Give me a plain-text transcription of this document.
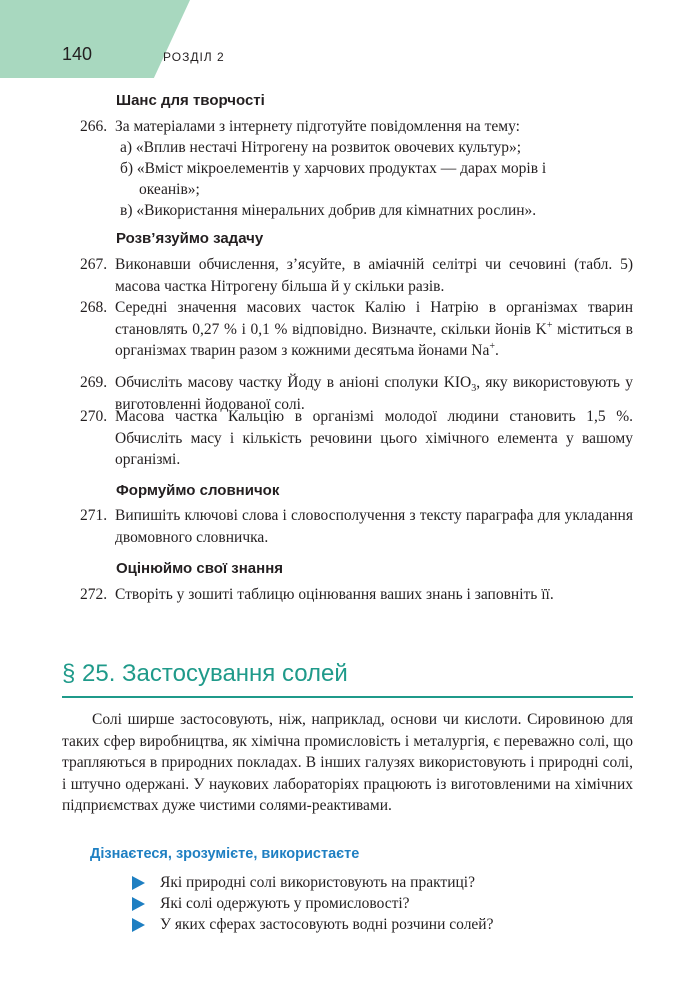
140	РОЗДІЛ 2
Шанс для творчості
266. За матеріалами з інтернету підготуйте повідомлення на тему:
а) «Вплив нестачі Нітрогену на розвиток овочевих культур»;
б) «Вміст мікроелементів у харчових продуктах — дарах морів і
океанів»;
в) «Використання мінеральних добрив для кімнатних рослин».
Розв’язуймо задачу
267. Виконавши обчислення, з’ясуйте, в аміачній селітрі чи сечовині (табл. 5) масова частка Нітрогену більша й у скільки разів.
268. Середні значення масових часток Калію і Натрію в організмах тварин становлять 0,27 % і 0,1 % відповідно. Визначте, скільки йонів K+ міститься в організмах тварин разом з кожними десятьма йонами Na+.
269. Обчисліть масову частку Йоду в аніоні сполуки $KIO_3$, яку використовують у виготовленні йодованої солі.
270. Масова частка Кальцію в організмі молодої людини становить 1,5 %. Обчисліть масу і кількість речовини цього хімічного елемента у вашому організмі.
Формуймо словничок
271. Випишіть ключові слова і словосполучення з тексту параграфа для укладання двомовного словничка.
Оцінюймо свої знання
272. Створіть у зошиті таблицю оцінювання ваших знань і заповніть її.
§ 25. Застосування солей
Солі ширше застосовують, ніж, наприклад, основи чи кислоти. Сировиною для таких сфер виробництва, як хімічна промисловість і металургія, є переважно солі, що трапляються в природних покладах. В інших галузях використовують і природні солі, і штучно одержані. У наукових лабораторіях працюють із виготовленими на хімічних підприємствах дуже чистими солями-реактивами.
Дізнаєтеся, зрозумієте, використаєте
Які природні солі використовують на практиці?
Які солі одержують у промисловості?
У яких сферах застосовують водні розчини солей?
